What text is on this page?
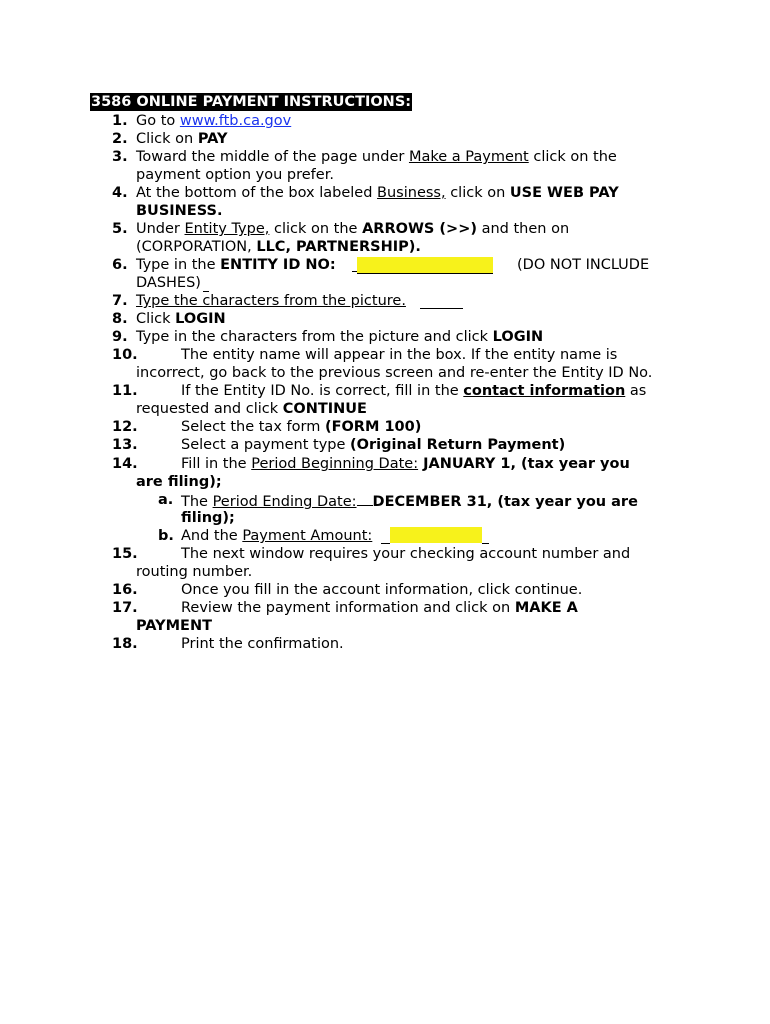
3586 ONLINE PAYMENT INSTRUCTIONS:
1. Go to www.ftb.ca.gov
2. Click on PAY
3. Toward the middle of the page under Make a Payment click on the
payment option you prefer.
4. At the bottom of the box labeled Business, click on USE WEB PAY
BUSINESS.
5. Under Entity Type, click on the ARROWS (>>) and then on
(CORPORATION, LLC, PARTNERSHIP).
6. Type in the ENTITY ID NO:	(DO NOT INCLUDE
DASHES)
7. Type the characters from the picture.
8. Click LOGIN
9. Type in the characters from the picture and click LOGIN
10.	The entity name will appear in the box. If the entity name is
incorrect, go back to the previous screen and re-enter the Entity ID No.
11.	If the Entity ID No. is correct, fill in the contact information as
requested and click CONTINUE
12.	Select the tax form (FORM 100)
13.	Select a payment type (Original Return Payment)
14.	Fill in the Period Beginning Date: JANUARY 1, (tax year you
are filing);
a. The Period Ending Date: DECEMBER 31, (tax year you are
filing);
b. And the Payment Amount:
15.	The next window requires your checking account number and
routing number.
16.	Once you fill in the account information, click continue.
17.	Review the payment information and click on MAKE A
PAYMENT
18.	Print the confirmation.
